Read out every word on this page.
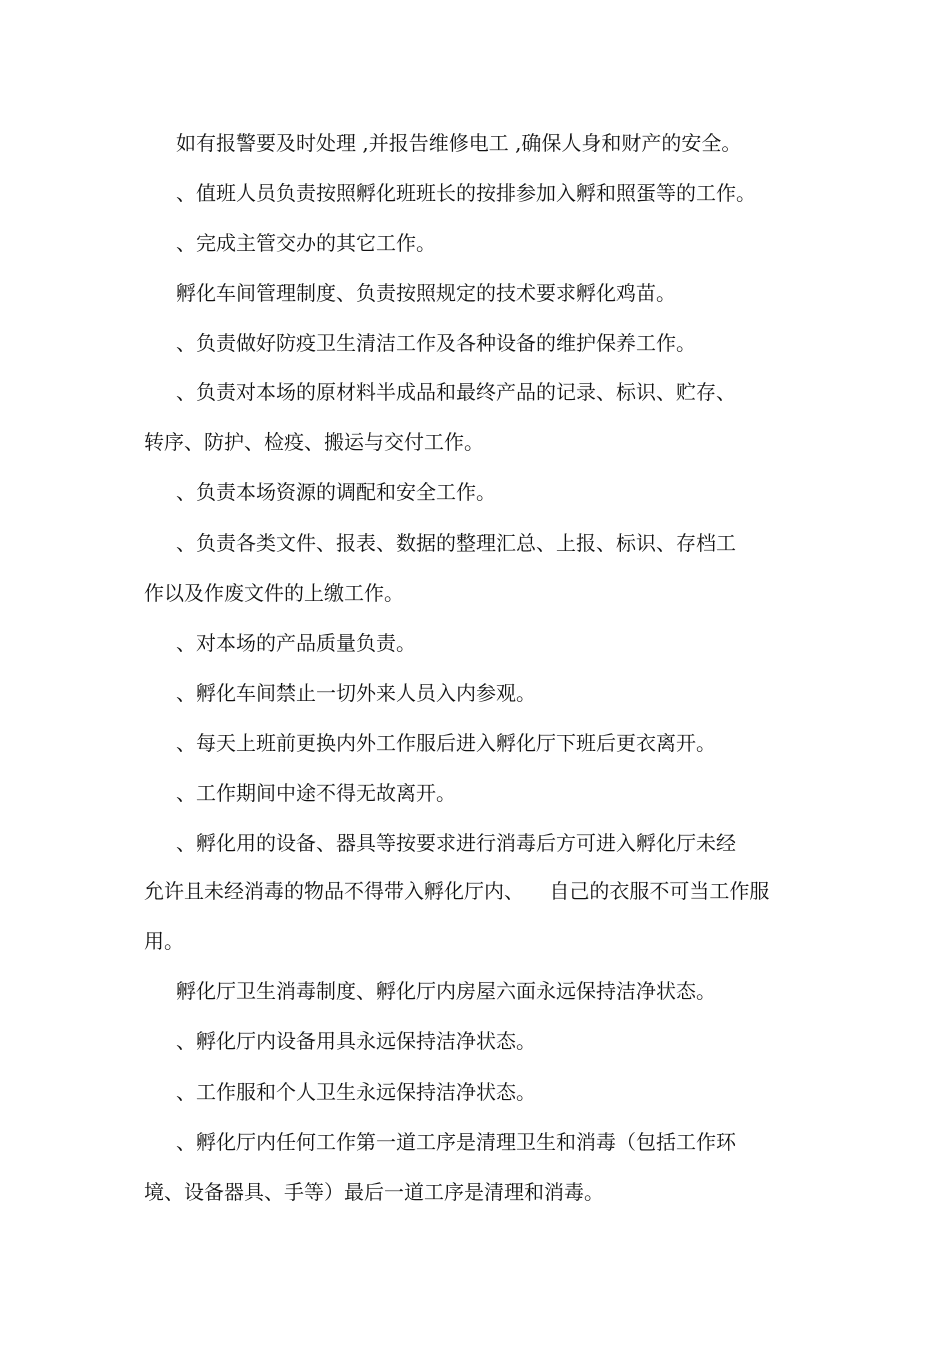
如有报警要及时处理 ,并报告维修电工 ,确保人身和财产的安全。
、值班人员负责按照孵化班班长的按排参加入孵和照蛋等的工作。
、完成主管交办的其它工作。
孵化车间管理制度、负责按照规定的技术要求孵化鸡苗。
、负责做好防疫卫生清洁工作及各种设备的维护保养工作。
、负责对本场的原材料半成品和最终产品的记录、标识、贮存、
转序、防护、检疫、搬运与交付工作。
、负责本场资源的调配和安全工作。
、负责各类文件、报表、数据的整理汇总、上报、标识、存档工
作以及作废文件的上缴工作。
、对本场的产品质量负责。
、孵化车间禁止一切外来人员入内参观。
、每天上班前更换内外工作服后进入孵化厅下班后更衣离开。
、工作期间中途不得无故离开。
、孵化用的设备、器具等按要求进行消毒后方可进入孵化厅未经
允许且未经消毒的物品不得带入孵化厅内、    自己的衣服不可当工作服
用。
孵化厅卫生消毒制度、孵化厅内房屋六面永远保持洁净状态。
、孵化厅内设备用具永远保持洁净状态。
、工作服和个人卫生永远保持洁净状态。
、孵化厅内任何工作第一道工序是清理卫生和消毒（包括工作环
境、设备器具、手等）最后一道工序是清理和消毒。
